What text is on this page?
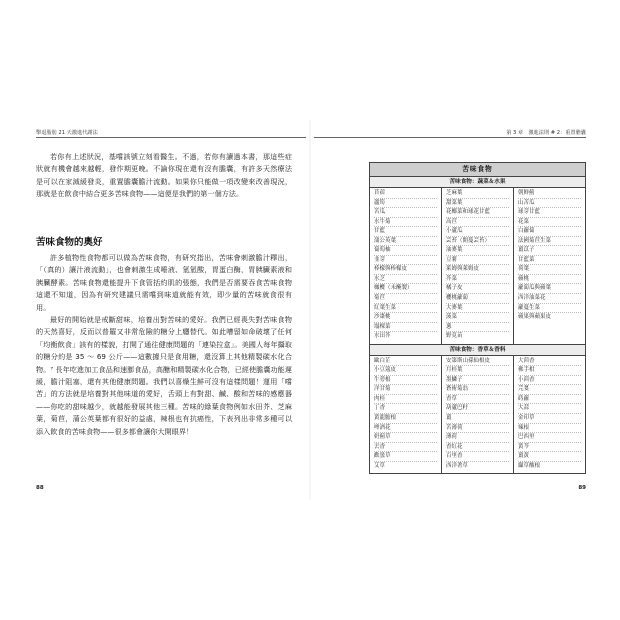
擊退脂肪 21 天激進代謝法

若你有上述狀況，基嚐該號立刻看醫生。不過，若你有讀過本書，那這些症狀就有機會越來越輕，發作期更晚。不論你現在還有沒有膽囊，有許多天然療法是可以在家減緩發炎，重置膽囊膽汁流動。如果你只能做一項改變來改善現況，那就是在飲食中結合更多苦味食物——這便是我們的第一個方法。

苦味食物的奧好

許多植物性食物都可以做為苦味食物，有研究指出，苦味會刺激膽汁釋出，「（真的）讓汁液流動」，也會刺激生成唾液、氫氫酸，胃蛋白酶，胃胰臟素液和胰臟酵素。苦味食物還能提升下食管括約肌的張態，我們是否需要吞食苦味食物這還不知道，因為有研究建議只需嚐到味道就能有效，即少量的苦味就食很有用。

最好的開始就是戒斷甜味，培養出對苦味的愛好。我們已經喪失對苦味食物的天然喜好，反而以普羅又非常危險的糖分上癮替代。如此嘈留如命破壞了任何「均衡飲食」該有的樣貌，打開了通往健康問題的「連染拉盒」。美國人每年攝取的糖分約是 35 ～ 69 公斤——這數據只是食用糖，還沒算上其他精製碳水化合物。⁷ 長年吃進加工食品和速膨食品，高醣和精製碳水化合物，已經使膽囊功能遲緩，膽汁阻塞，還有其他健康問題。我們以喜燥生鮮可沒有這樣問題！運用「嚐苦」的方法就是培養對其他味道的愛好，舌頭上有對甜、鹹、酸和苦味的感應器——你吃的甜味越少，就越能發展其他三種。苦味的綠葉食物例如水田芥、芝麻葉，菊苣，蒲公英葉都有很好的益處，辣根也有抗癌性，下表列出非常多種可以添入飲食的苦味食物——很多都會讓你大開眼界！

88
第 3 章　激進法則 # 2：重置膽囊
89
苦味食物
苦味食物：蔬菜＆水果
苜蓿
蘆筍
苦瓜
水牛菊
甘藍
蒲公英葉
蔔萄柚
韭芽
棒檬與棒檬皮
水芝
橄欖（未醃製）
菊苣
紅葉生菜
沙棗桃
塌棵菜
水田芥
芝麻葉
甜菜葉
花椰菜和球花甘藍
高苣
小蘆瓜
芸苔（開蔓芸苔）
油麥葉
豆薯
萊姆與萊姆皮
芥菜
橘子皮
櫻桃蘿蔔
大麥葉
菠菜
葱
野莧苗
朝鮮薊
山苦瓜
球芽甘藍
花菜
白蘿蔔
法國菊苣生菜
薑苡子
甘藍菜
荷葉
蘋桃
蘿蔔瓜與蘋葉
西洋油菜花
蘿蔓生菜
蘋果與蘋果皮
苦味食物：香草＆香料
歐白芷
小豆蔻皮
牛蒡根
洋甘菊
肉桂
丁香
黃龍膽根
啤酒花
奶薊草
丟香
歡曇草
艾草
安第斯山孫仙根皮
月桂葉
墨鱗子
蒼術菊翁
香草
葫蘆巴籽
薑
苦薄荷
薄荷
香紅花
百里香
西洋著草
大茴香
佛手柑
小茴香
芫荽
蒔蘿
大蒜
金印草
辣根
巴西里
黃芩
薑黃
纈草酸根
